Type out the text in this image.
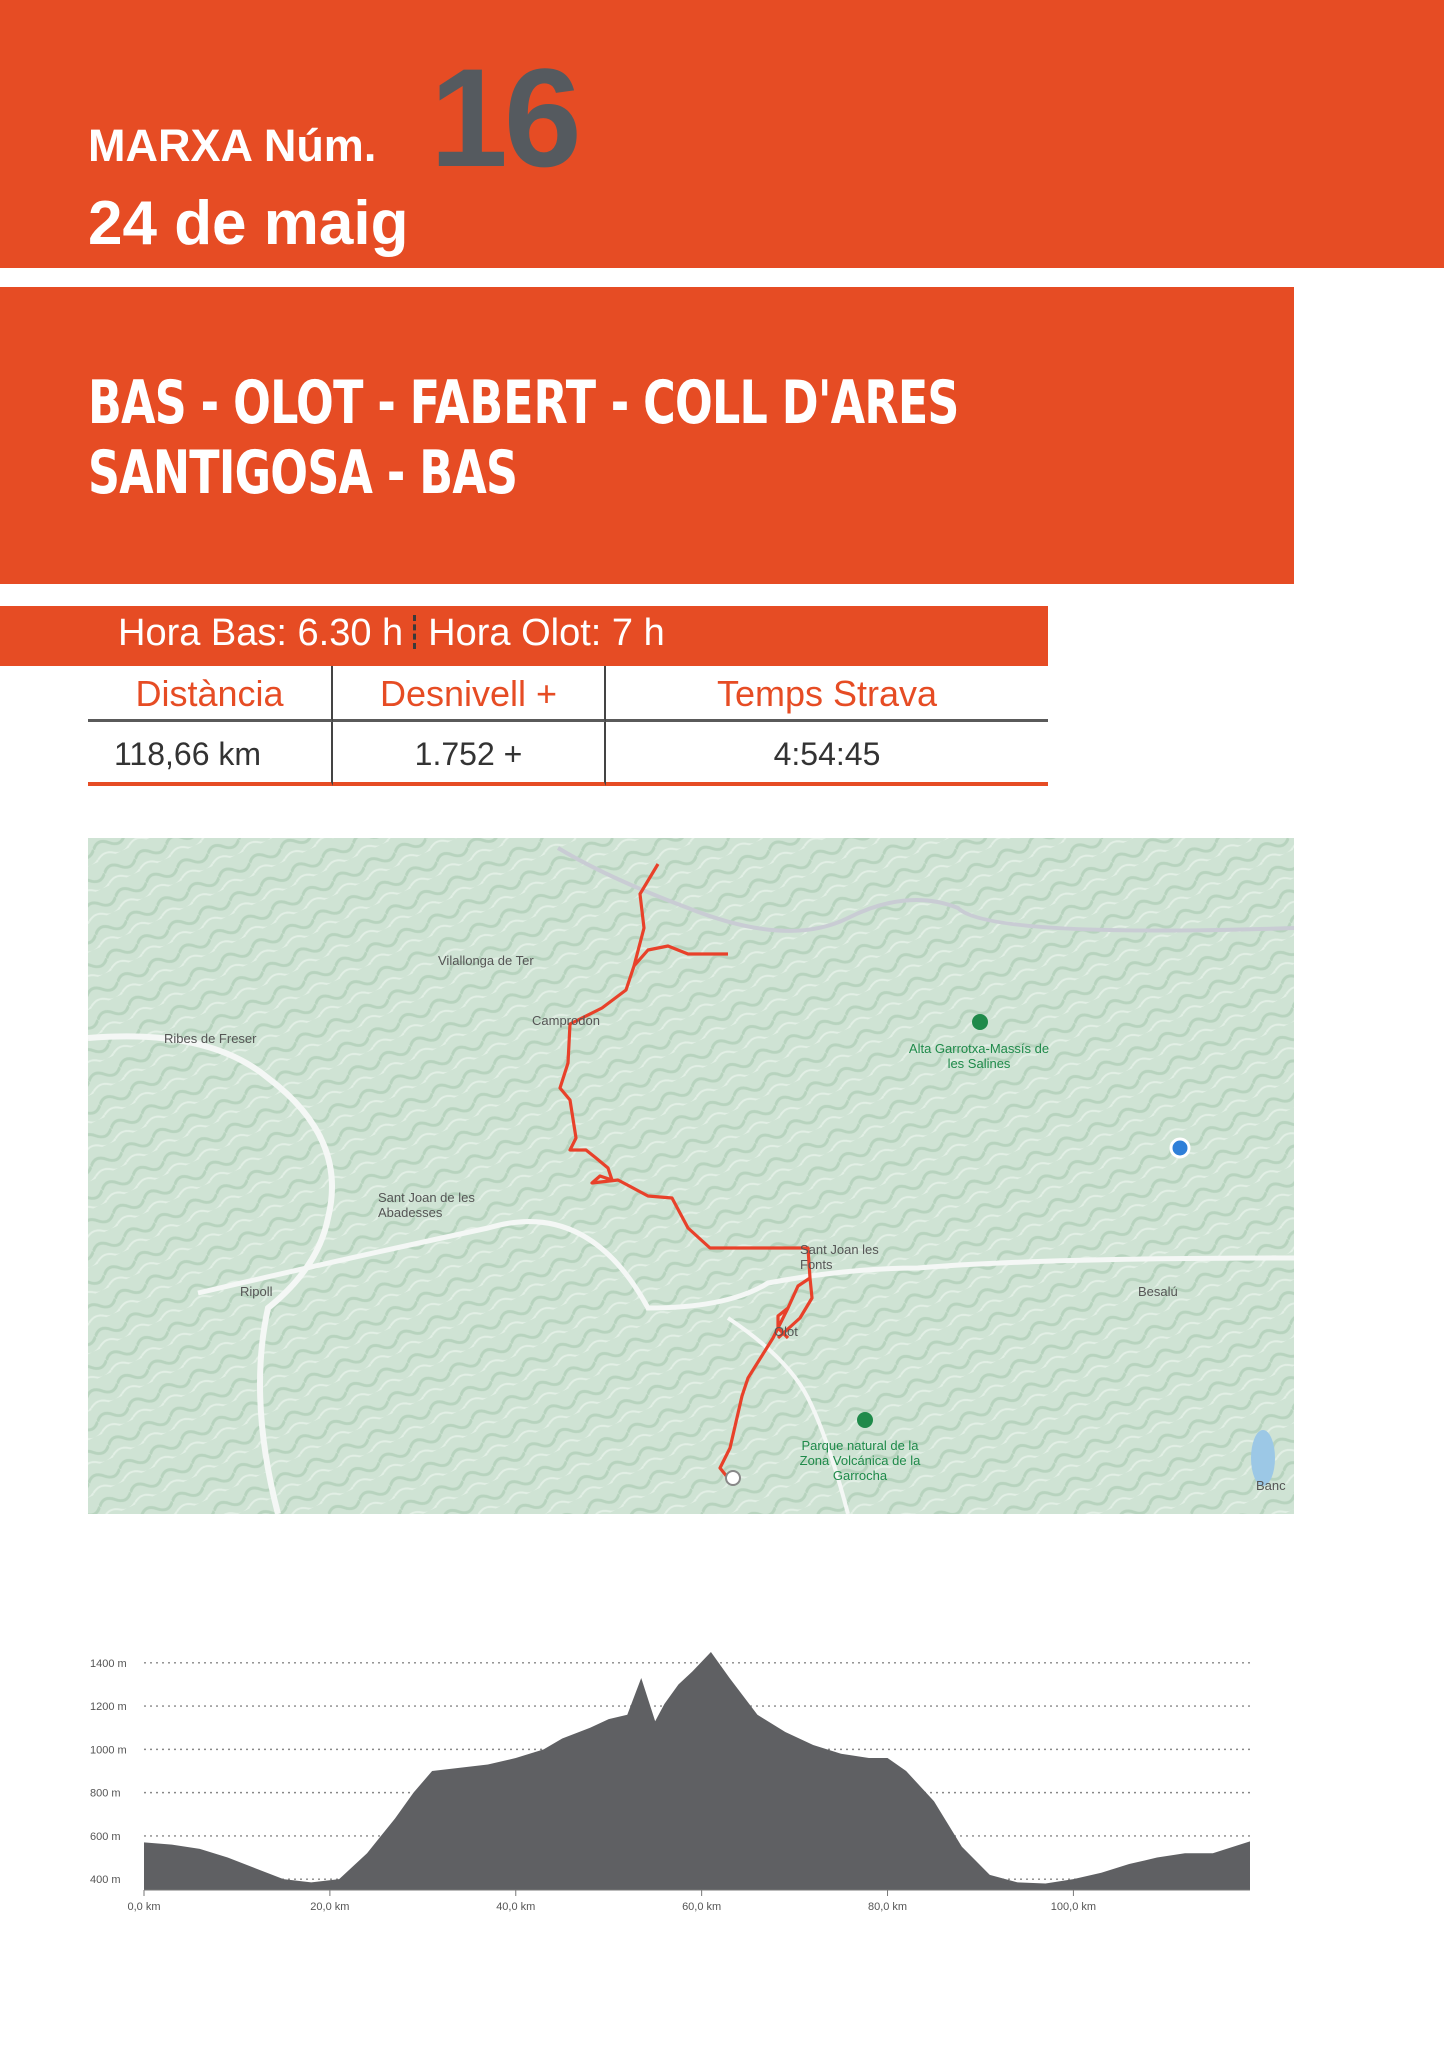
MARXA Núm. 16
24 de maig
BAS - OLOT - FABERT - COLL D'ARES
SANTIGOSA - BAS
Hora Bas: 6.30 h Hora Olot: 7 h
Distància	Desnivell +	Temps Strava
118,66 km	1.752 +	4:54:45
Vilallonga de Ter
Camprodon
Ribes de Freser
Alta Garrotxa-Massís de les Salines
Sant Joan de les Abadesses
Sant Joan les Fonts
Ripoll	Besalú
Olot
Parque natural de la Zona Volcánica de la Garrocha
Banc
400 m
600 m
800 m
1000 m
1200 m
1400 m
0,0 km	20,0 km	40,0 km	60,0 km	80,0 km	100,0 km
